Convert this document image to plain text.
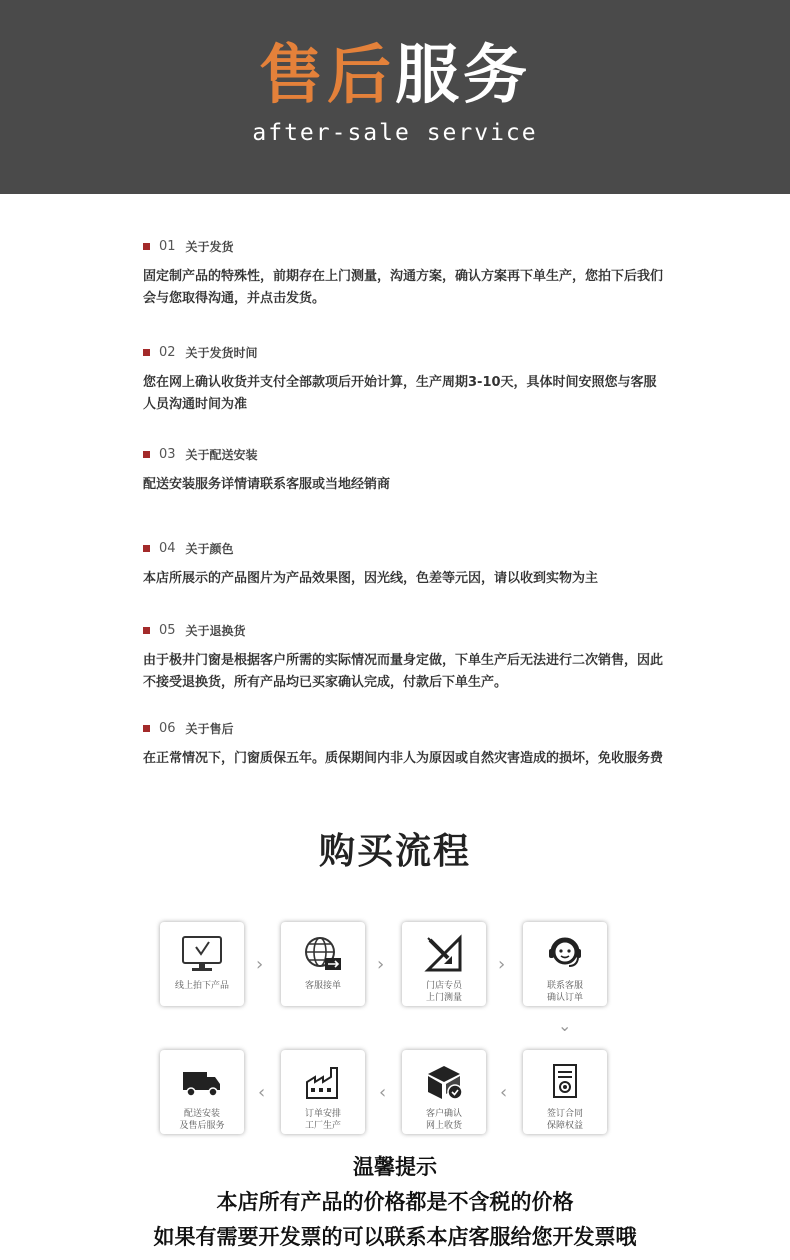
售后服务
after-sale service
01 关于发货
固定制产品的特殊性，前期存在上门测量，沟通方案，确认方案再下单生产，您拍下后我们会与您取得沟通，并点击发货。
02 关于发货时间
您在网上确认收货并支付全部款项后开始计算，生产周期3-10天，具体时间安照您与客服人员沟通时间为准
03 关于配送安装
配送安装服务详情请联系客服或当地经销商
04 关于颜色
本店所展示的产品图片为产品效果图，因光线，色差等元因，请以收到实物为主
05 关于退换货
由于极井门窗是根据客户所需的实际情况而量身定做，下单生产后无法进行二次销售，因此不接受退换货，所有产品均已买家确认完成，付款后下单生产。
06 关于售后
在正常情况下，门窗质保五年。质保期间内非人为原因或自然灾害造成的损坏，免收服务费
购买流程
线上拍下产品
›
客服接单
›
门店专员
上门测量
›
联系客服
确认订单
⌄
签订合同
保障权益
‹
客户确认
网上收货
‹
订单安排
工厂生产
‹
配送安装
及售后服务
温馨提示
本店所有产品的价格都是不含税的价格
如果有需要开发票的可以联系本店客服给您开发票哦
